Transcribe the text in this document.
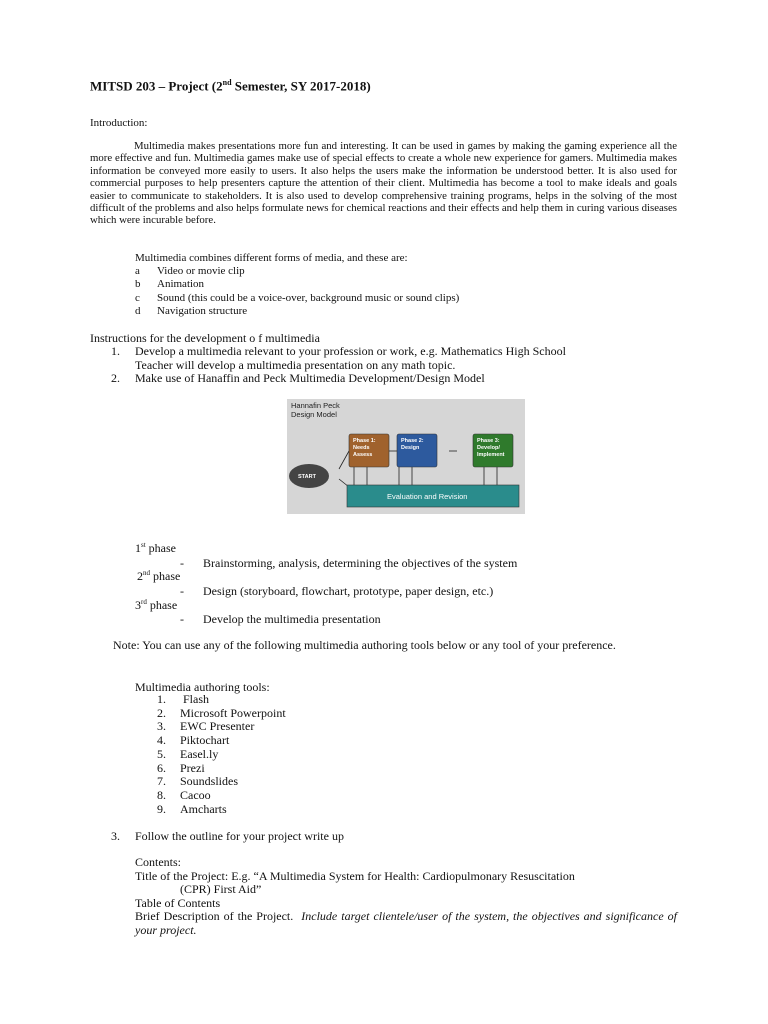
MITSD 203 – Project (2nd Semester, SY 2017-2018)
Introduction:
Multimedia makes presentations more fun and interesting. It can be used in games by making the gaming experience all the more effective and fun. Multimedia games make use of special effects to create a whole new experience for gamers. Multimedia makes information be conveyed more easily to users. It also helps the users make the information be understood better. It is also used for commercial purposes to help presenters capture the attention of their client. Multimedia has become a tool to make ideals and goals easier to communicate to stakeholders. It is also used to develop comprehensive training programs, helps in the solving of the most difficult of the problems and also helps formulate news for chemical reactions and their effects and help them in curing various diseases which were incurable before.
Multimedia combines different forms of media, and these are:
a	Video or movie clip
b	Animation
c	Sound (this could be a voice-over, background music or sound clips)
d	Navigation structure
Instructions for the development o f multimedia
1.	Develop a multimedia relevant to your profession or work, e.g. Mathematics High School
Teacher will develop a multimedia presentation on any math topic.
2. Make use of Hanaffin and Peck Multimedia Development/Design Model
START
Phase 1:
Needs
Assess
Phase 2:
Design
Phase 3:
Develop/
Implement
Evaluation and Revision
Hannafin Peck
Design Model
1st phase
- Brainstorming, analysis, determining the objectives of the system
2nd phase
- Design (storyboard, flowchart, prototype, paper design, etc.)
3rd phase
- Develop the multimedia presentation
Note: You can use any of the following multimedia authoring tools below or any tool of your preference.
Multimedia authoring tools:
1.	Flash
2.	Microsoft Powerpoint
3.	EWC Presenter
4.	Piktochart
5.	Easel.ly
6.	Prezi
7.	Soundslides
8.	Cacoo
9.	Amcharts
3. Follow the outline for your project write up
Contents:
Title of the Project: E.g. “A Multimedia System for Health: Cardiopulmonary Resuscitation
(CPR) First Aid”
Table of Contents
Brief Description of the Project.  Include target clientele/user of the system, the objectives and significance of your project.
